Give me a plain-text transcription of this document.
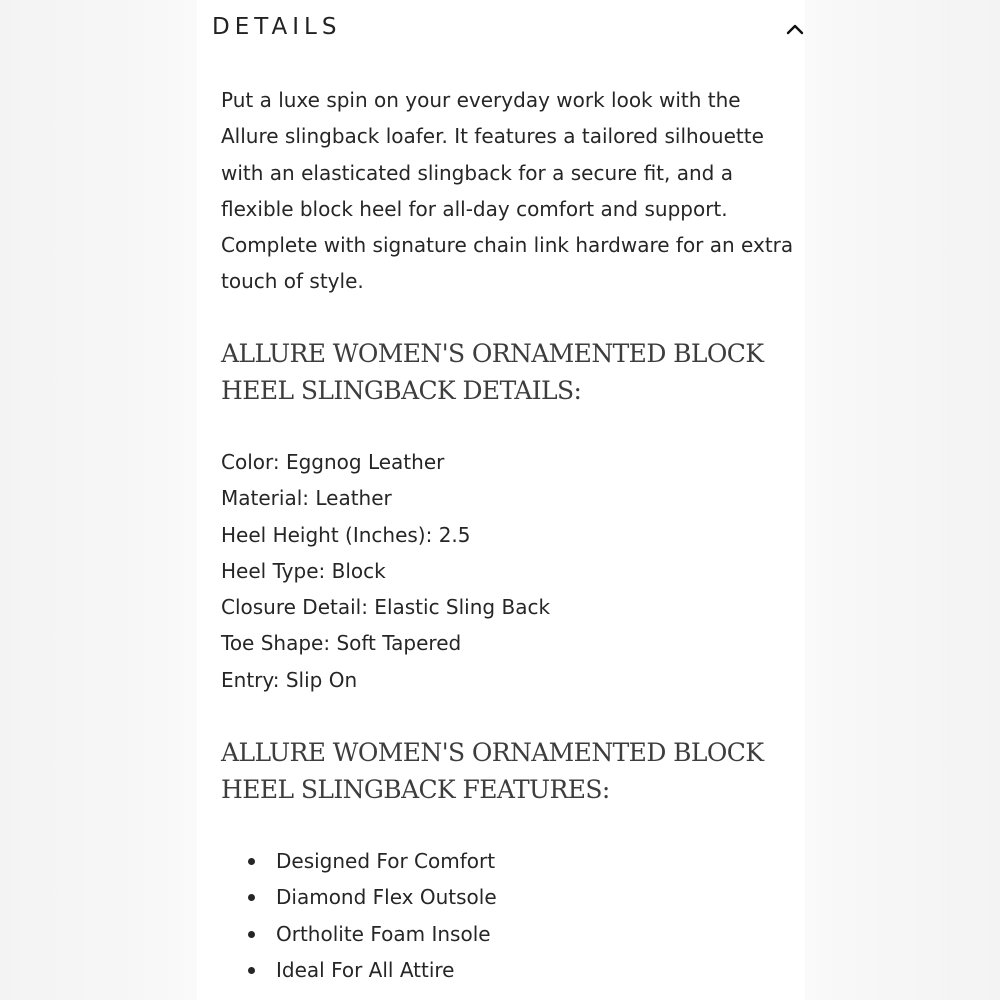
DETAILS

Put a luxe spin on your everyday work look with the Allure slingback loafer. It features a tailored silhouette with an elasticated slingback for a secure fit, and a flexible block heel for all-day comfort and support. Complete with signature chain link hardware for an extra touch of style.

ALLURE WOMEN'S ORNAMENTED BLOCK HEEL SLINGBACK DETAILS:
Color: Eggnog Leather
Material: Leather
Heel Height (Inches): 2.5
Heel Type: Block
Closure Detail: Elastic Sling Back
Toe Shape: Soft Tapered
Entry: Slip On
ALLURE WOMEN'S ORNAMENTED BLOCK HEEL SLINGBACK FEATURES:
Designed For Comfort
Diamond Flex Outsole
Ortholite Foam Insole
Ideal For All Attire
